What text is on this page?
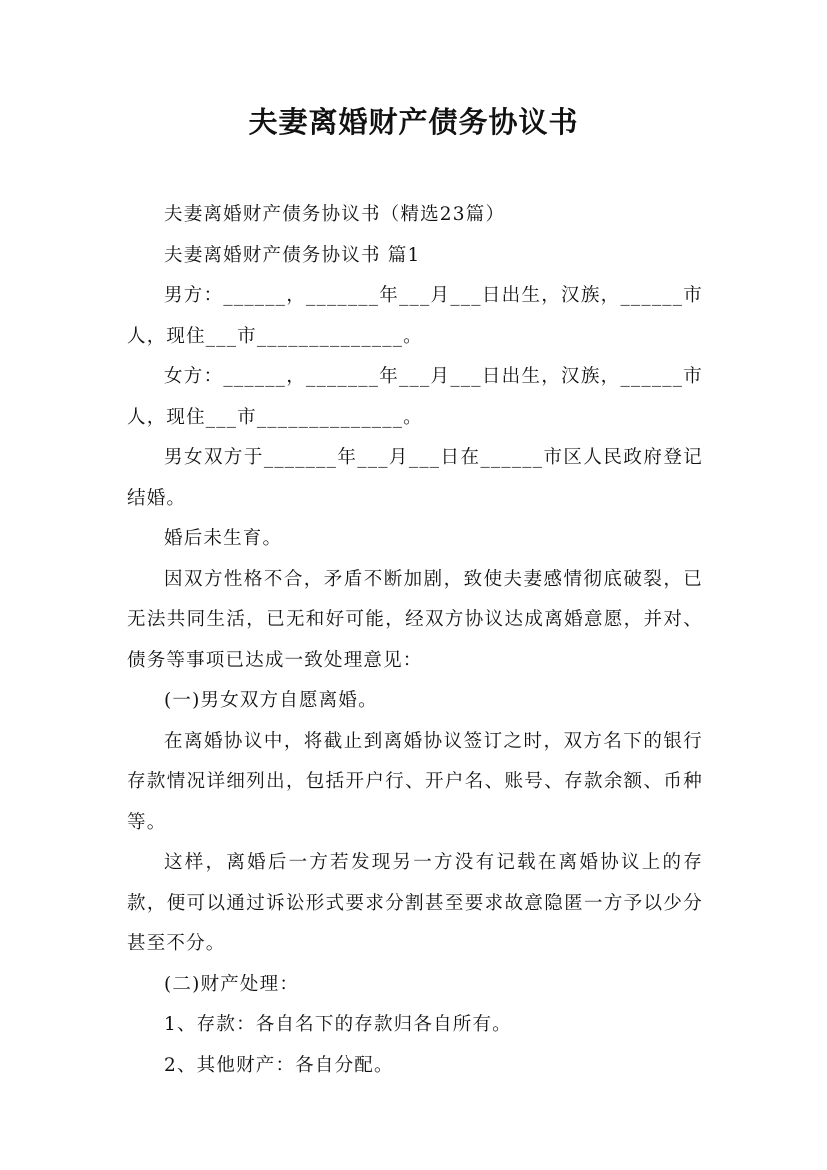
夫妻离婚财产债务协议书

夫妻离婚财产债务协议书（精选23篇）

夫妻离婚财产债务协议书 篇1

男方：______，_______年___月___日出生，汉族，______市人，现住___市______________。

女方：______，_______年___月___日出生，汉族，______市人，现住___市______________。

男女双方于_______年___月___日在______市区人民政府登记结婚。

婚后未生育。

因双方性格不合，矛盾不断加剧，致使夫妻感情彻底破裂，已无法共同生活，已无和好可能，经双方协议达成离婚意愿，并对、债务等事项已达成一致处理意见：

(一)男女双方自愿离婚。

在离婚协议中，将截止到离婚协议签订之时，双方名下的银行存款情况详细列出，包括开户行、开户名、账号、存款余额、币种等。

这样，离婚后一方若发现另一方没有记载在离婚协议上的存款，便可以通过诉讼形式要求分割甚至要求故意隐匿一方予以少分甚至不分。

(二)财产处理：

1、存款：各自名下的存款归各自所有。

2、其他财产：各自分配。
